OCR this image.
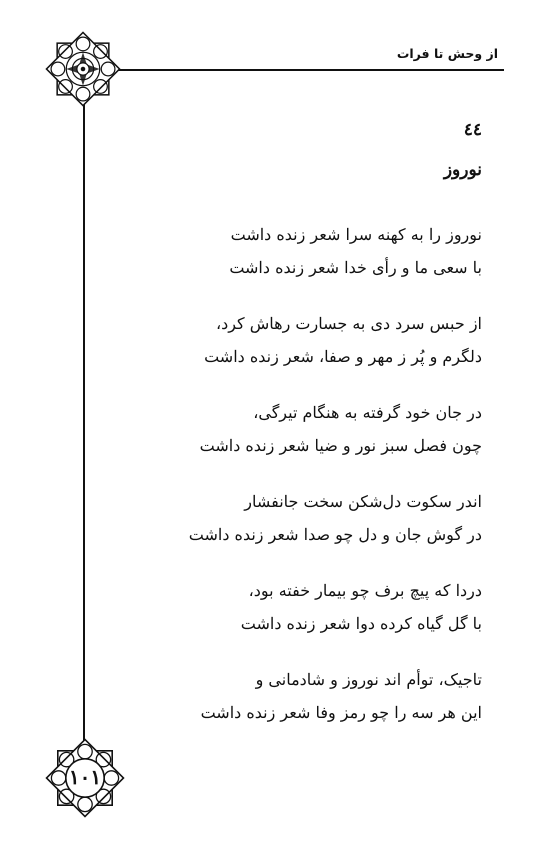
از وحش تا فرات
۱۰۱
٤٤
نوروز
نوروز را به کهنه سرا شعر زنده داشت
با سعی ما و رأی خدا شعر زنده داشت
از حبس سرد دی به جسارت رهاش کرد،
دلگرم و پُر ز مهر و صفا، شعر زنده داشت
در جان خود گرفته به هنگام تیرگی،
چون فصل سبز نور و ضیا شعر زنده داشت
اندر سکوت دل‌شکن سخت جانفشار
در گوش جان و دل چو صدا شعر زنده داشت
دردا که پیچ برف چو بیمار خفته بود،
با گل گیاه کرده دوا شعر زنده داشت
تاجیک، توأم اند نوروز و شادمانی و
این هر سه را چو رمز وفا شعر زنده داشت
